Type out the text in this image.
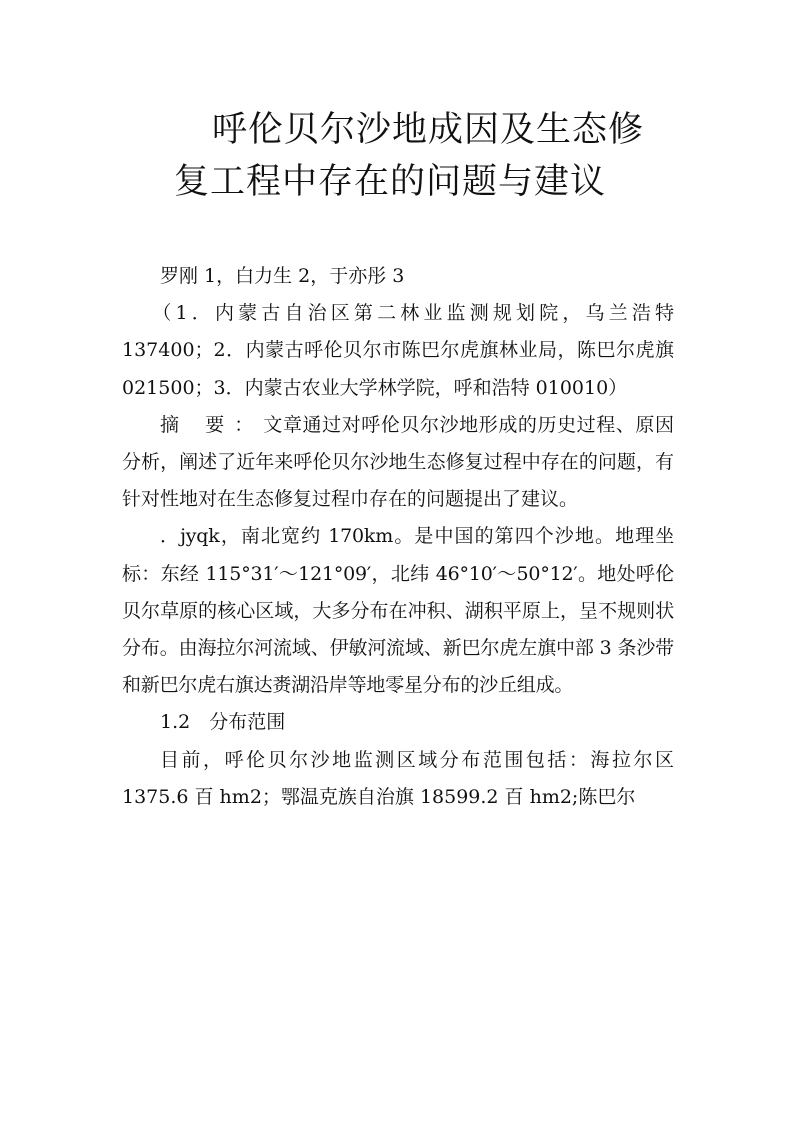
呼伦贝尔沙地成因及生态修
复工程中存在的问题与建议

罗刚 1，白力生 2，于亦彤 3

（1．内蒙古自治区第二林业监测规划院，乌兰浩特 137400；2．内蒙古呼伦贝尔市陈巴尔虎旗林业局，陈巴尔虎旗 021500；3．内蒙古农业大学林学院，呼和浩特 010010）

摘 要：文章通过对呼伦贝尔沙地形成的历史过程、原因分析，阐述了近年来呼伦贝尔沙地生态修复过程中存在的问题，有针对性地对在生态修复过程巾存在的问题提出了建议。

．jyqk，南北宽约 170km。是中国的第四个沙地。地理坐标：东经 115°31′～121°09′，北纬 46°10′～50°12′。地处呼伦贝尔草原的核心区域，大多分布在冲积、湖积平原上，呈不规则状分布。由海拉尔河流域、伊敏河流域、新巴尔虎左旗中部 3 条沙带和新巴尔虎右旗达赉湖沿岸等地零星分布的沙丘组成。

1.2　分布范围

目前，呼伦贝尔沙地监测区域分布范围包括：海拉尔区 1375.6 百 hm2；鄂温克族自治旗 18599.2 百 hm2;陈巴尔
